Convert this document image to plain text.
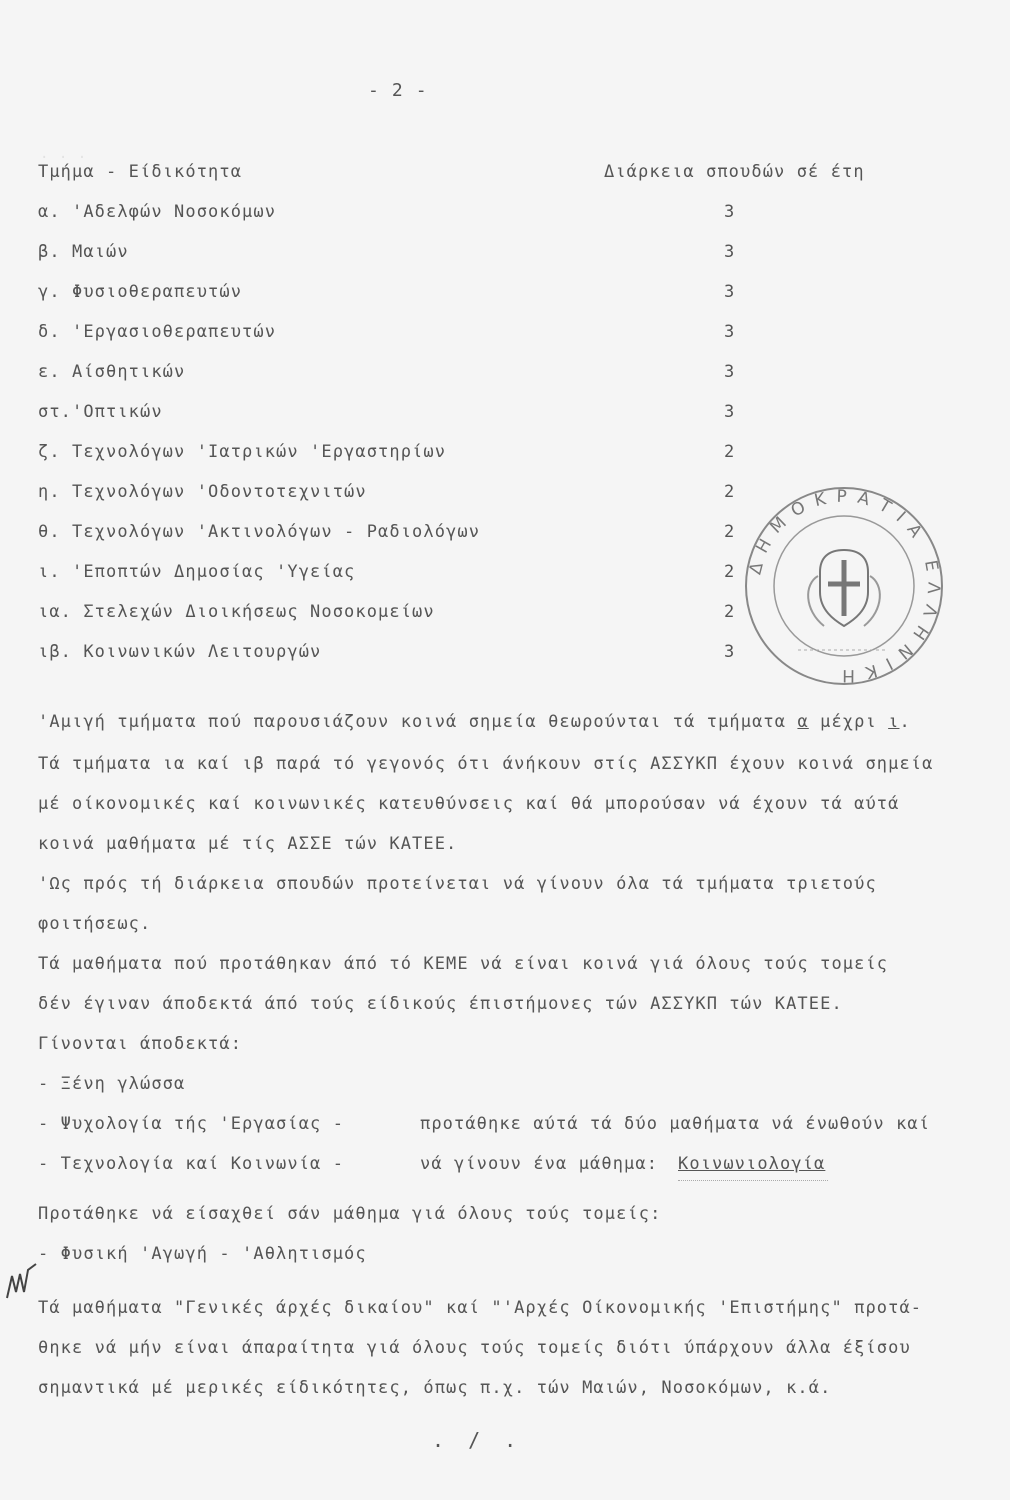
· · ·
- 2 -
Τμήμα - Είδικότητα	Διάρκεια σπουδών σέ έτη
α. 'Αδελφών Νοσοκόμων	3
β. Μαιών	3
γ. Φυσιοθεραπευτών	3
δ. 'Εργασιοθεραπευτών	3
ε. Αίσθητικών	3
στ.'Οπτικών	3
ζ. Τεχνολόγων 'Ιατρικών 'Εργαστηρίων	2
η. Τεχνολόγων 'Οδοντοτεχνιτών	2
θ. Τεχνολόγων 'Ακτινολόγων - Ραδιολόγων	2
ι. 'Εποπτών Δημοσίας 'Υγείας	2
ια. Στελεχών Διοικήσεως Νοσοκομείων	2
ιβ. Κοινωνικών Λειτουργών	3
ΔΗΜΟΚΡΑΤΙΑ ΕΛΛΗΝΙΚΗ
'Αμιγή τμήματα πού παρουσιάζουν κοινά σημεία θεωρούνται τά τμήματα α μέχρι ι.
Τά τμήματα ια καί ιβ παρά τό γεγονός ότι άνήκουν στίς ΑΣΣΥΚΠ έχουν κοινά σημεία
μέ οίκονομικές καί κοινωνικές κατευθύνσεις καί θά μπορούσαν νά έχουν τά αύτά
κοινά μαθήματα μέ τίς ΑΣΣΕ τών ΚΑΤΕΕ.
'Ως πρός τή διάρκεια σπουδών προτείνεται νά γίνουν όλα τά τμήματα τριετούς
φοιτήσεως.
Τά μαθήματα πού προτάθηκαν άπό τό ΚΕΜΕ νά είναι κοινά γιά όλους τούς τομείς
δέν έγιναν άποδεκτά άπό τούς είδικούς έπιστήμονες τών ΑΣΣΥΚΠ τών ΚΑΤΕΕ.
Γίνονται άποδεκτά:
- Ξένη γλώσσα
- Ψυχολογία τής 'Εργασίας -	προτάθηκε αύτά τά δύο μαθήματα νά ένωθούν καί
- Τεχνολογία καί Κοινωνία -	νά γίνουν ένα μάθημα: Κοινωνιολογία
Προτάθηκε νά είσαχθεί σάν μάθημα γιά όλους τούς τομείς:
- Φυσική 'Αγωγή - 'Αθλητισμός
Τά μαθήματα "Γενικές άρχές δικαίου" καί "'Αρχές Οίκονομικής 'Επιστήμης" προτά-
θηκε νά μήν είναι άπαραίτητα γιά όλους τούς τομείς διότι ύπάρχουν άλλα έξίσου
σημαντικά μέ μερικές είδικότητες, όπως π.χ. τών Μαιών, Νοσοκόμων, κ.ά.
. / .
